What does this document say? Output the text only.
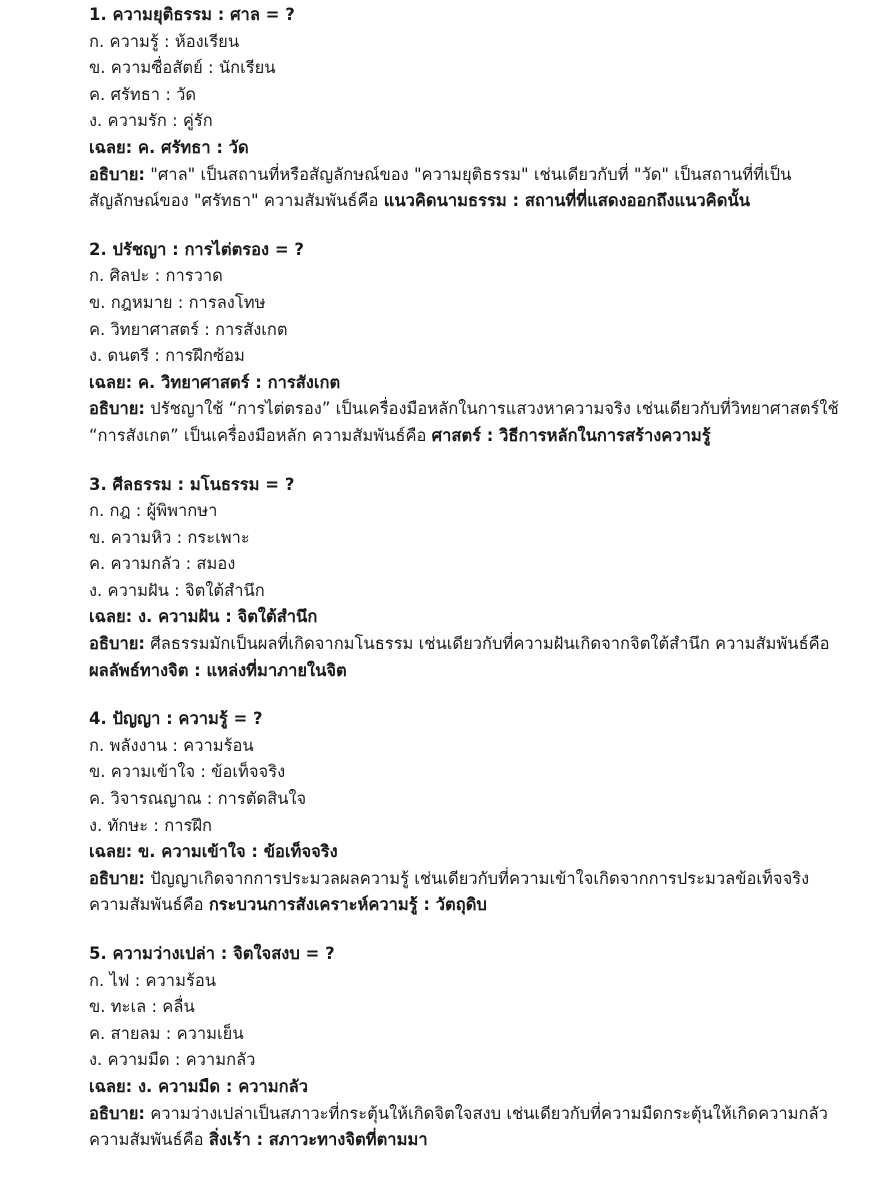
1. ความยุติธรรม : ศาล = ?
ก. ความรู้ : ห้องเรียน
ข. ความซื่อสัตย์ : นักเรียน
ค. ศรัทธา : วัด
ง. ความรัก : คู่รัก
เฉลย: ค. ศรัทธา : วัด
อธิบาย: "ศาล" เป็นสถานที่หรือสัญลักษณ์ของ "ความยุติธรรม" เช่นเดียวกับที่ "วัด" เป็นสถานที่ที่เป็นสัญลักษณ์ของ "ศรัทธา" ความสัมพันธ์คือ แนวคิดนามธรรม : สถานที่ที่แสดงออกถึงแนวคิดนั้น
2. ปรัชญา : การไต่ตรอง = ?
ก. ศิลปะ : การวาด
ข. กฎหมาย : การลงโทษ
ค. วิทยาศาสตร์ : การสังเกต
ง. ดนตรี : การฝึกซ้อม
เฉลย: ค. วิทยาศาสตร์ : การสังเกต
อธิบาย: ปรัชญาใช้ “การไต่ตรอง” เป็นเครื่องมือหลักในการแสวงหาความจริง เช่นเดียวกับที่วิทยาศาสตร์ใช้ “การสังเกต” เป็นเครื่องมือหลัก ความสัมพันธ์คือ ศาสตร์ : วิธีการหลักในการสร้างความรู้
3. ศีลธรรม : มโนธรรม = ?
ก. กฎ : ผู้พิพากษา
ข. ความหิว : กระเพาะ
ค. ความกลัว : สมอง
ง. ความฝัน : จิตใต้สำนึก
เฉลย: ง. ความฝัน : จิตใต้สำนึก
อธิบาย: ศีลธรรมมักเป็นผลที่เกิดจากมโนธรรม เช่นเดียวกับที่ความฝันเกิดจากจิตใต้สำนึก ความสัมพันธ์คือ ผลลัพธ์ทางจิต : แหล่งที่มาภายในจิต
4. ปัญญา : ความรู้ = ?
ก. พลังงาน : ความร้อน
ข. ความเข้าใจ : ข้อเท็จจริง
ค. วิจารณญาณ : การตัดสินใจ
ง. ทักษะ : การฝึก
เฉลย: ข. ความเข้าใจ : ข้อเท็จจริง
อธิบาย: ปัญญาเกิดจากการประมวลผลความรู้ เช่นเดียวกับที่ความเข้าใจเกิดจากการประมวลข้อเท็จจริง ความสัมพันธ์คือ กระบวนการสังเคราะห์ความรู้ : วัตถุดิบ
5. ความว่างเปล่า : จิตใจสงบ = ?
ก. ไฟ : ความร้อน
ข. ทะเล : คลื่น
ค. สายลม : ความเย็น
ง. ความมืด : ความกลัว
เฉลย: ง. ความมืด : ความกลัว
อธิบาย: ความว่างเปล่าเป็นสภาวะที่กระตุ้นให้เกิดจิตใจสงบ เช่นเดียวกับที่ความมืดกระตุ้นให้เกิดความกลัว ความสัมพันธ์คือ สิ่งเร้า : สภาวะทางจิตที่ตามมา
